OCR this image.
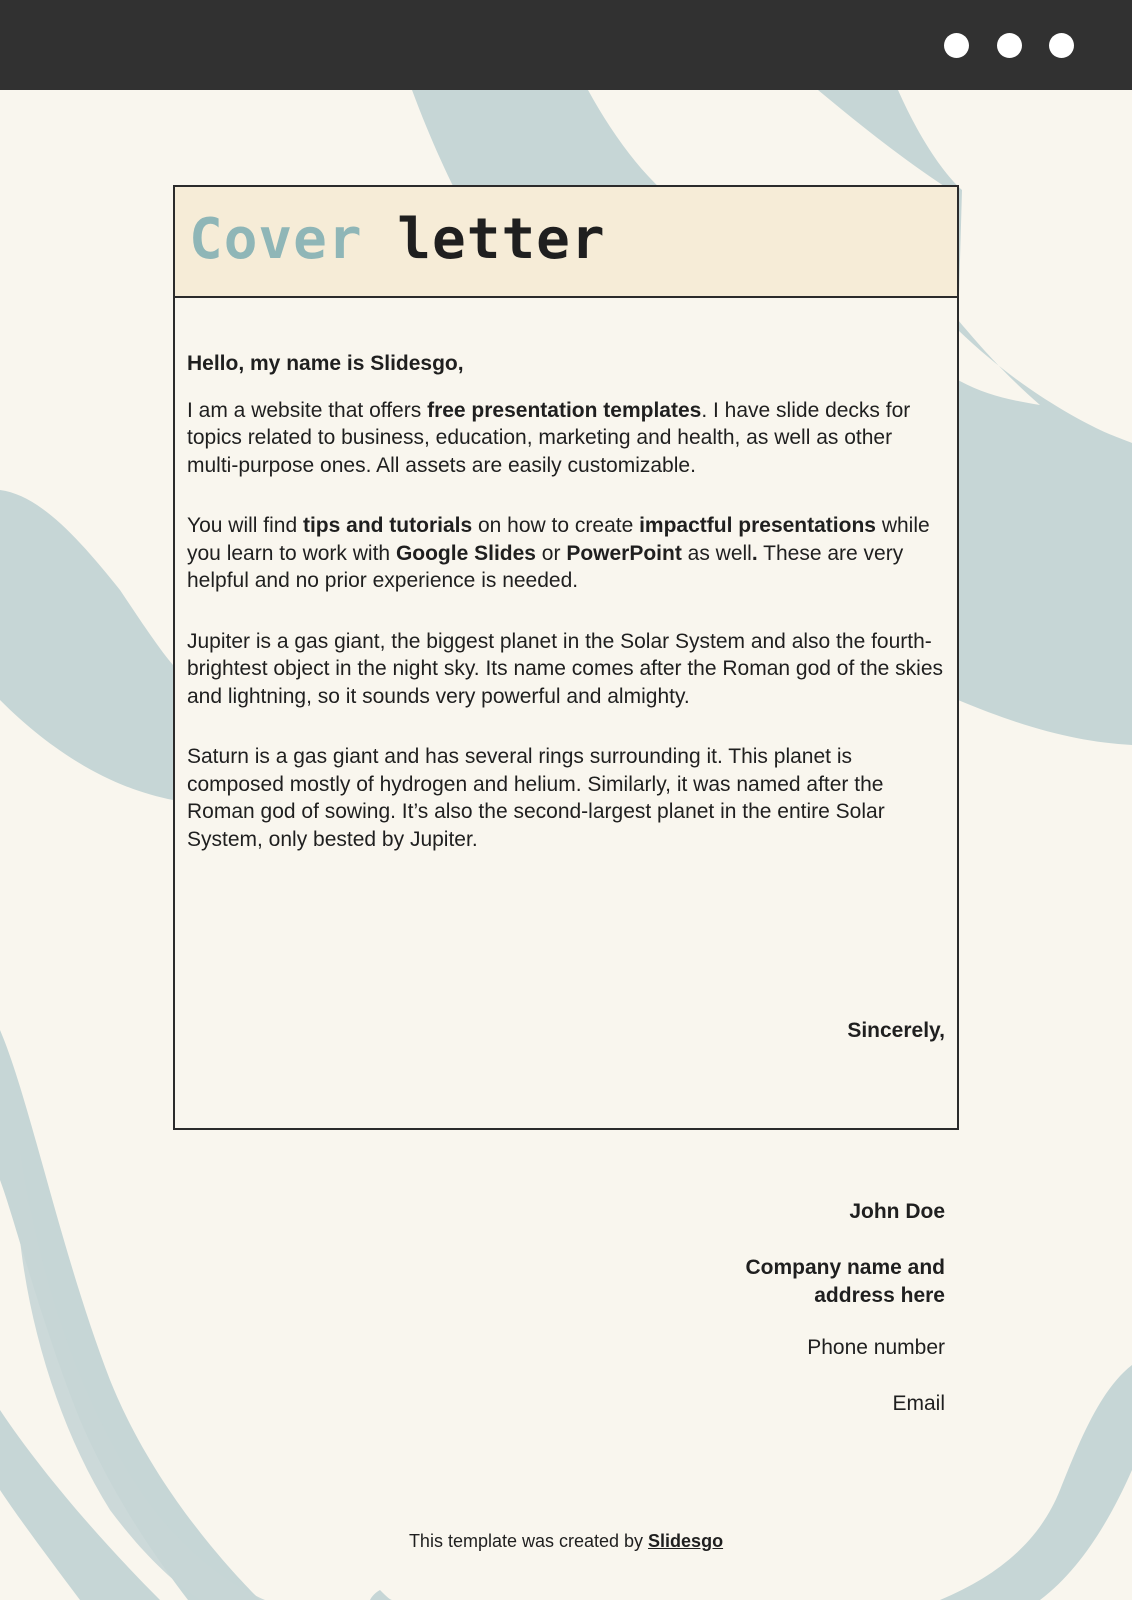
Cover letter

Hello, my name is Slidesgo,

I am a website that offers free presentation templates. I have slide decks for topics related to business, education, marketing and health, as well as other multi-purpose ones. All assets are easily customizable.

You will find tips and tutorials on how to create impactful presentations while you learn to work with Google Slides or PowerPoint as well. These are very helpful and no prior experience is needed.

Jupiter is a gas giant, the biggest planet in the Solar System and also the fourth-brightest object in the night sky. Its name comes after the Roman god of the skies and lightning, so it sounds very powerful and almighty.

Saturn is a gas giant and has several rings surrounding it. This planet is composed mostly of hydrogen and helium. Similarly, it was named after the Roman god of sowing. It’s also the second-largest planet in the entire Solar System, only bested by Jupiter.

Sincerely,
John Doe
Company name and address here
Phone number
Email
This template was created by Slidesgo
